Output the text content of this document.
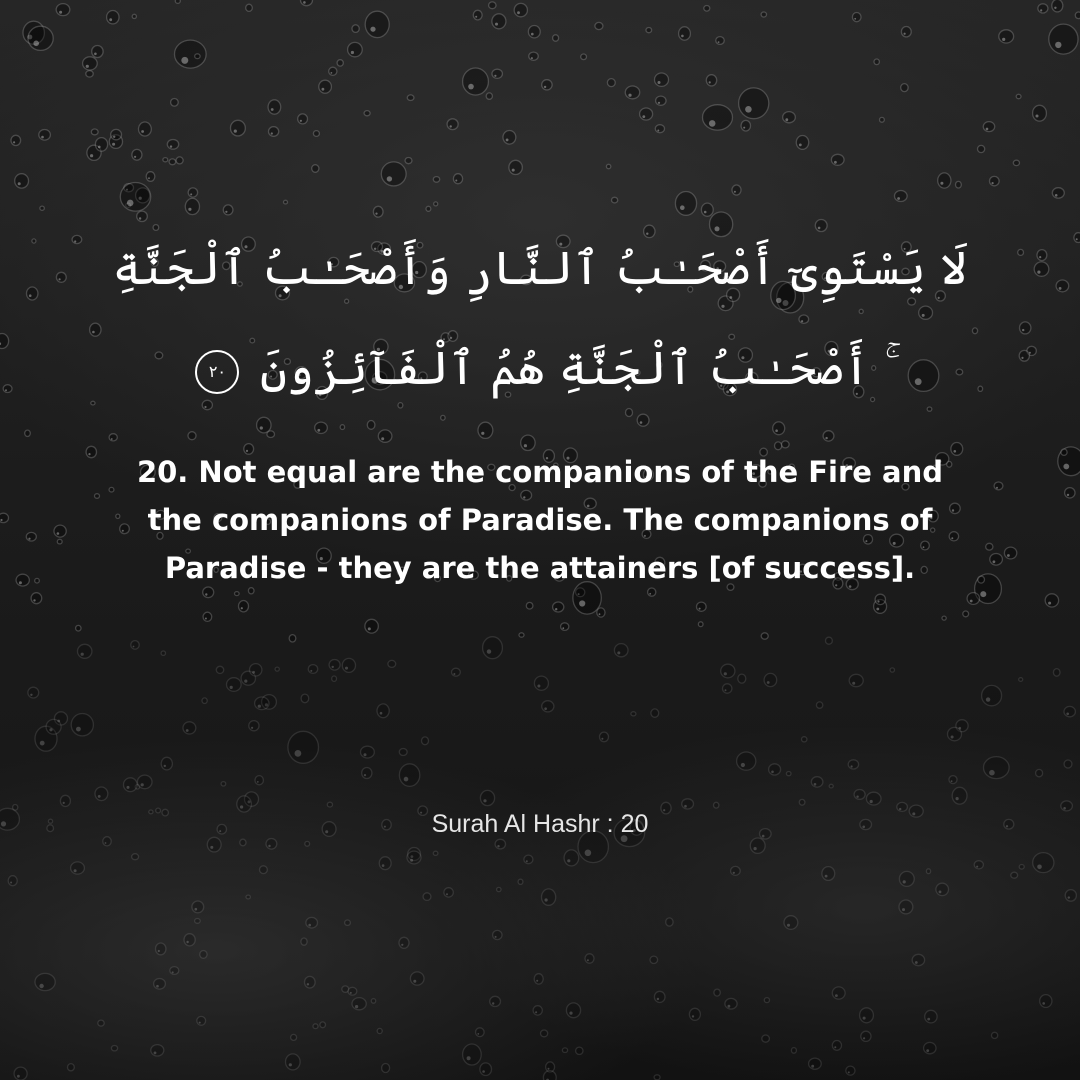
لَا يَسْتَوِىٓ أَصْحَـٰبُ ٱلنَّارِ وَأَصْحَـٰبُ ٱلْجَنَّةِ ۚ أَصْحَـٰبُ ٱلْجَنَّةِ هُمُ ٱلْفَآئِزُونَ ٢٠

20. Not equal are the companions of the Fire and the companions of Paradise. The companions of Paradise - they are the attainers [of success].

Surah Al Hashr : 20
